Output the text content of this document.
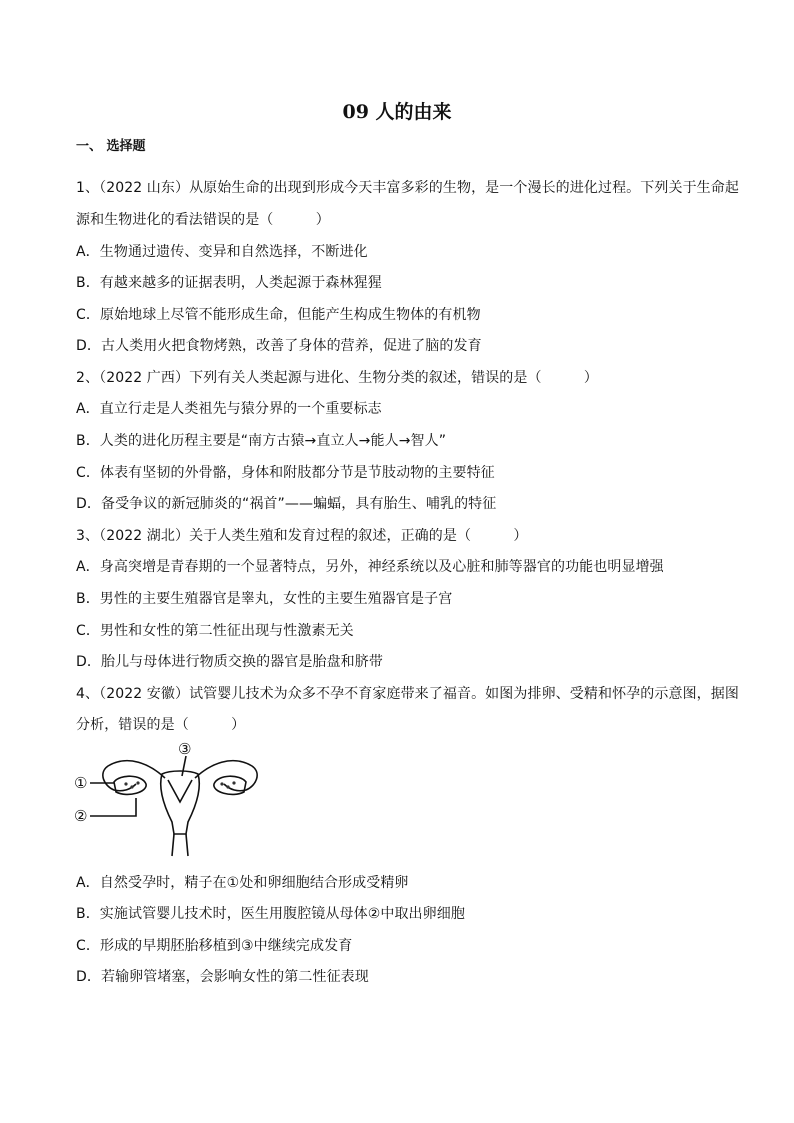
09 人的由来
一、 选择题
1、（2022 山东）从原始生命的出现到形成今天丰富多彩的生物，是一个漫长的进化过程。下列关于生命起
源和生物进化的看法错误的是（　　　）
A．生物通过遗传、变异和自然选择，不断进化
B．有越来越多的证据表明，人类起源于森林猩猩
C．原始地球上尽管不能形成生命，但能产生构成生物体的有机物
D．古人类用火把食物烤熟，改善了身体的营养，促进了脑的发育
2、（2022 广西）下列有关人类起源与进化、生物分类的叙述，错误的是（　　　）
A．直立行走是人类祖先与猿分界的一个重要标志
B．人类的进化历程主要是“南方古猿→直立人→能人→智人”
C．体表有坚韧的外骨骼，身体和附肢都分节是节肢动物的主要特征
D．备受争议的新冠肺炎的“祸首”——蝙蝠，具有胎生、哺乳的特征
3、（2022 湖北）关于人类生殖和发育过程的叙述，正确的是（　　　）
A．身高突增是青春期的一个显著特点，另外，神经系统以及心脏和肺等器官的功能也明显增强
B．男性的主要生殖器官是睾丸，女性的主要生殖器官是子宫
C．男性和女性的第二性征出现与性激素无关
D．胎儿与母体进行物质交换的器官是胎盘和脐带
4、（2022 安徽）试管婴儿技术为众多不孕不育家庭带来了福音。如图为排卵、受精和怀孕的示意图，据图
分析，错误的是（　　　）
①
②
③
A．自然受孕时，精子在①处和卵细胞结合形成受精卵
B．实施试管婴儿技术时，医生用腹腔镜从母体②中取出卵细胞
C．形成的早期胚胎移植到③中继续完成发育
D．若输卵管堵塞，会影响女性的第二性征表现
